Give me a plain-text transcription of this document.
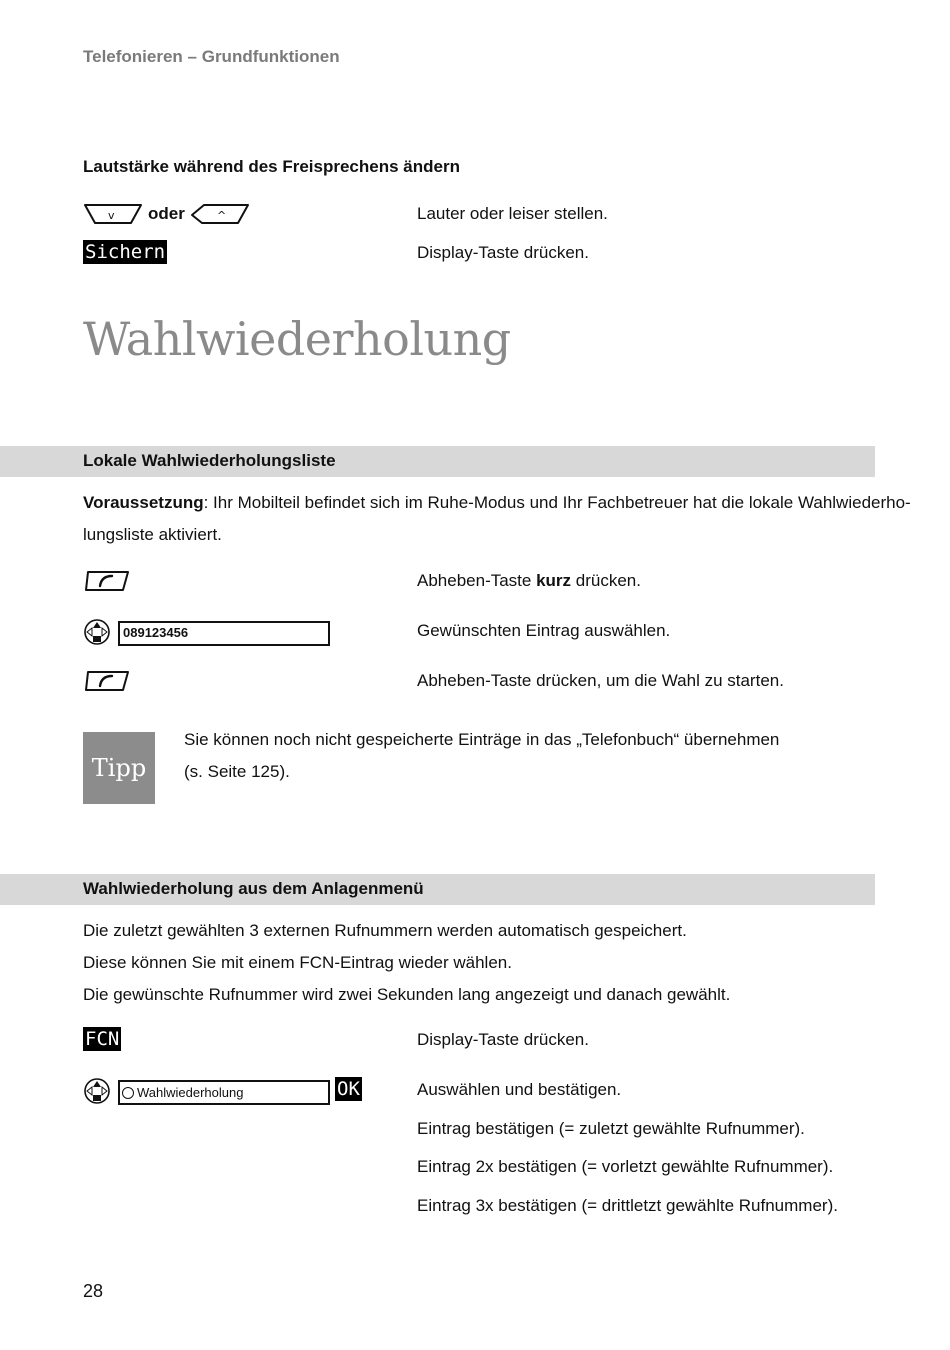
Telefonieren – Grundfunktionen
Lautstärke während des Freisprechens ändern
v oder	^	Lauter oder leiser stellen.
Sichern	Display-Taste drücken.
Wahlwiederholung
Lokale Wahlwiederholungsliste
Voraussetzung: Ihr Mobilteil befindet sich im Ruhe-Modus und Ihr Fachbetreuer hat die lokale Wahlwiederho-
lungsliste aktiviert.
Abheben-Taste kurz drücken.
089123456	Gewünschten Eintrag auswählen.
Abheben-Taste drücken, um die Wahl zu starten.
Tipp
Sie können noch nicht gespeicherte Einträge in das „Telefonbuch“ übernehmen
(s. Seite 125).
Wahlwiederholung aus dem Anlagenmenü
Die zuletzt gewählten 3 externen Rufnummern werden automatisch gespeichert.
Diese können Sie mit einem FCN-Eintrag wieder wählen.
Die gewünschte Rufnummer wird zwei Sekunden lang angezeigt und danach gewählt.
FCN	Display-Taste drücken.
Wahlwiederholung	OK	Auswählen und bestätigen.
Eintrag bestätigen (= zuletzt gewählte Rufnummer).
Eintrag 2x bestätigen (= vorletzt gewählte Rufnummer).
Eintrag 3x bestätigen (= drittletzt gewählte Rufnummer).
28
